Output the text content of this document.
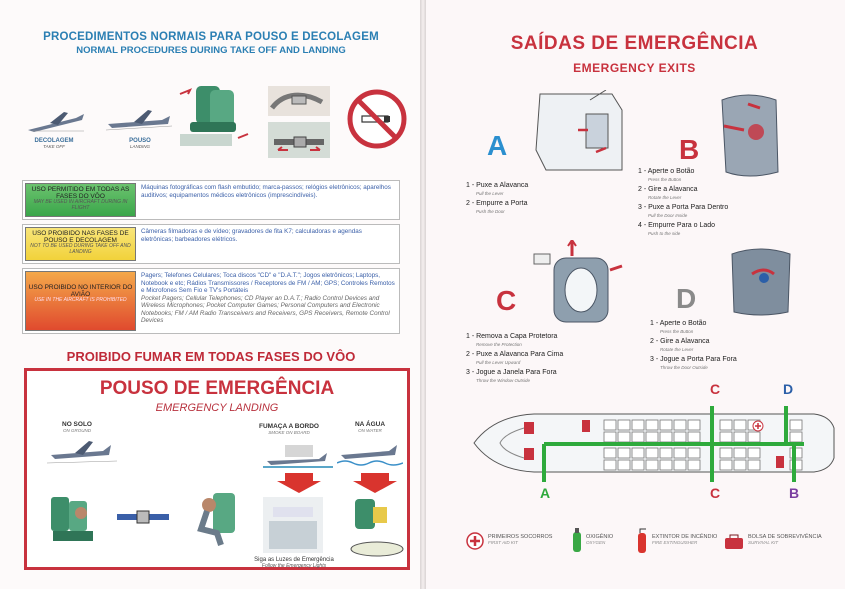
PROCEDIMENTOS NORMAIS PARA POUSO E DECOLAGEM
NORMAL PROCEDURES DURING TAKE OFF AND LANDING
DECOLAGEM
TAKE OFF
POUSO
LANDING
USO PERMITIDO EM TODAS AS FASES DO VÔO
MAY BE USED IN AIRCRAFT DURING IN FLIGHT
Máquinas fotográficas com flash embutido; marca-passos; relógios eletrônicos; aparelhos auditivos; equipamentos médicos eletrônicos (imprescindíveis).
USO PROIBIDO NAS FASES DE POUSO E DECOLAGEM
NOT TO BE USED DURING TAKE OFF AND LANDING
Câmeras filmadoras e de vídeo; gravadores de fita K7; calculadoras e agendas eletrônicas; barbeadores elétricos.
USO PROIBIDO NO INTERIOR DO AVIÃO
USE IN THE AIRCRAFT IS PROHIBITED
Pagers; Telefones Celulares; Toca discos "CD" e "D.A.T."; Jogos eletrônicos; Laptops, Notebook e etc; Rádios Transmissores / Receptores de FM / AM; GPS; Controles Remotos e Microfones Sem Fio e TV's Portáteis
Pocket Pagers; Cellular Telephones; CD Player an D.A.T.; Radio Control Devices and Wireless Microphones; Pocket Computer Games; Personal Computers and Electronic Notebooks; FM / AM Radio Transceivers and Receivers, GPS Receivers, Remote Control Devices
PROIBIDO FUMAR EM TODAS FASES DO VÔO
POUSO DE EMERGÊNCIA
EMERGENCY LANDING
NO SOLO
ON GROUND
FUMAÇA A BORDO
SMOKE ON BOARD
NA ÁGUA
ON WATER
Siga as Luzes de Emergência
Follow the Emergency Lights
SAÍDAS DE EMERGÊNCIA
EMERGENCY EXITS
A
1 - Puxe a Alavanca
Pull the Lever
2 - Empurre a Porta
Push the Door
B
1 - Aperte o Botão
Press the Button
2 - Gire a Alavanca
Rotate the Lever
3 - Puxe a Porta Para Dentro
Pull the Door Inside
4 - Empurre Para o Lado
Push to the side
C
1 - Remova a Capa Protetora
Remove the Protection
2 - Puxe a Alavanca Para Cima
Pull the Lever Upward
3 - Jogue a Janela Para Fora
Throw the Window Outside
D
1 - Aperte o Botão
Press the Button
2 - Gire a Alavanca
Rotate the Lever
3 - Jogue a Porta Para Fora
Throw the Door Outside
C	D
A	C	B
PRIMEIROS SOCORROS
FIRST AID KIT
OXIGÊNIO
OXYGEN
EXTINTOR DE INCÊNDIO
FIRE EXTINGUISHER
BOLSA DE SOBREVIVÊNCIA
SURVIVAL KIT
